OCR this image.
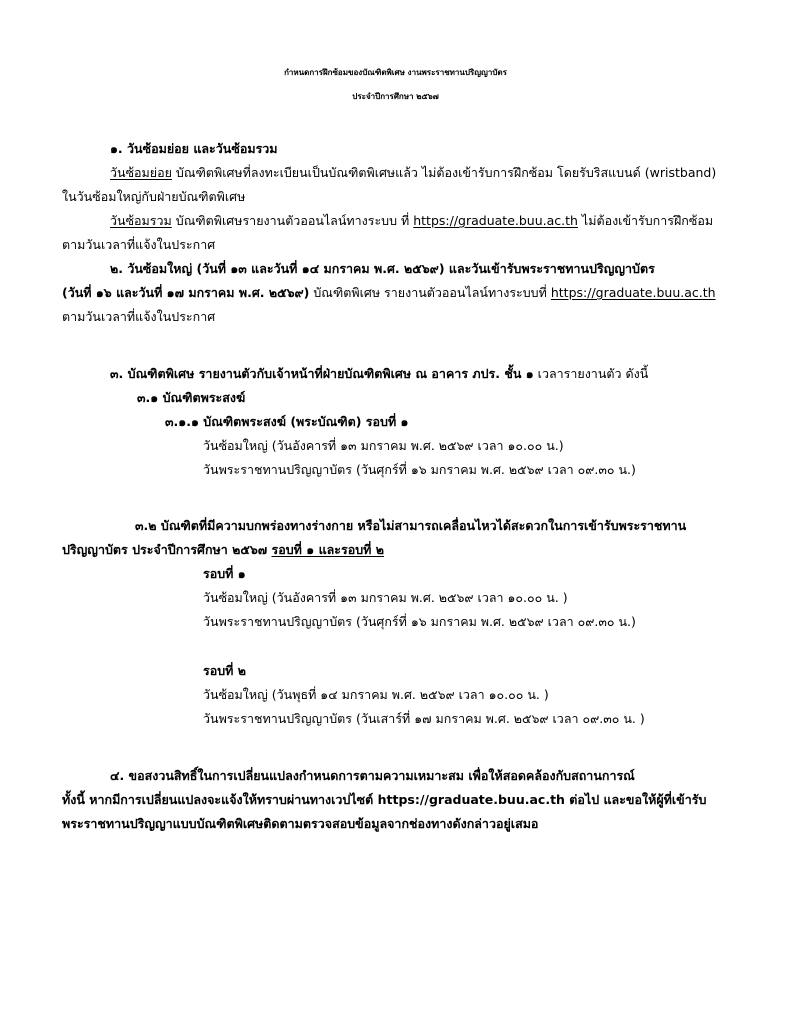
กำหนดการฝึกซ้อมของบัณฑิตพิเศษ งานพระราชทานปริญญาบัตร
ประจำปีการศึกษา ๒๕๖๗
๑. วันซ้อมย่อย และวันซ้อมรวม
วันซ้อมย่อย บัณฑิตพิเศษที่ลงทะเบียนเป็นบัณฑิตพิเศษแล้ว ไม่ต้องเข้ารับการฝึกซ้อม โดยรับริสแบนด์ (wristband)
ในวันซ้อมใหญ่กับฝ่ายบัณฑิตพิเศษ
วันซ้อมรวม บัณฑิตพิเศษรายงานตัวออนไลน์ทางระบบ ที่ https://graduate.buu.ac.th ไม่ต้องเข้ารับการฝึกซ้อม
ตามวันเวลาที่แจ้งในประกาศ
๒. วันซ้อมใหญ่ (วันที่ ๑๓ และวันที่ ๑๔ มกราคม พ.ศ. ๒๕๖๙) และวันเข้ารับพระราชทานปริญญาบัตร
(วันที่ ๑๖ และวันที่ ๑๗ มกราคม พ.ศ. ๒๕๖๙) บัณฑิตพิเศษ รายงานตัวออนไลน์ทางระบบที่ https://graduate.buu.ac.th
ตามวันเวลาที่แจ้งในประกาศ
๓. บัณฑิตพิเศษ รายงานตัวกับเจ้าหน้าที่ฝ่ายบัณฑิตพิเศษ ณ อาคาร ภปร. ชั้น ๑ เวลารายงานตัว ดังนี้
๓.๑ บัณฑิตพระสงฆ์
๓.๑.๑ บัณฑิตพระสงฆ์ (พระบัณฑิต) รอบที่ ๑
วันซ้อมใหญ่ (วันอังคารที่ ๑๓ มกราคม พ.ศ. ๒๕๖๙ เวลา ๑๐.๐๐ น.)
วันพระราชทานปริญญาบัตร (วันศุกร์ที่ ๑๖ มกราคม พ.ศ. ๒๕๖๙ เวลา ๐๙.๓๐ น.)
๓.๒ บัณฑิตที่มีความบกพร่องทางร่างกาย หรือไม่สามารถเคลื่อนไหวได้สะดวกในการเข้ารับพระราชทาน
ปริญญาบัตร ประจำปีการศึกษา ๒๕๖๗ รอบที่ ๑ และรอบที่ ๒
รอบที่ ๑
วันซ้อมใหญ่ (วันอังคารที่ ๑๓ มกราคม พ.ศ. ๒๕๖๙ เวลา ๑๐.๐๐ น. )
วันพระราชทานปริญญาบัตร (วันศุกร์ที่ ๑๖ มกราคม พ.ศ. ๒๕๖๙ เวลา ๐๙.๓๐ น.)
รอบที่ ๒
วันซ้อมใหญ่ (วันพุธที่ ๑๔ มกราคม พ.ศ. ๒๕๖๙ เวลา ๑๐.๐๐ น. )
วันพระราชทานปริญญาบัตร (วันเสาร์ที่ ๑๗ มกราคม พ.ศ. ๒๕๖๙ เวลา ๐๙.๓๐ น. )
๔. ขอสงวนสิทธิ์ในการเปลี่ยนแปลงกำหนดการตามความเหมาะสม เพื่อให้สอดคล้องกับสถานการณ์
ทั้งนี้ หากมีการเปลี่ยนแปลงจะแจ้งให้ทราบผ่านทางเวปไซต์ https://graduate.buu.ac.th ต่อไป และขอให้ผู้ที่เข้ารับ
พระราชทานปริญญาแบบบัณฑิตพิเศษติดตามตรวจสอบข้อมูลจากช่องทางดังกล่าวอยู่เสมอ
